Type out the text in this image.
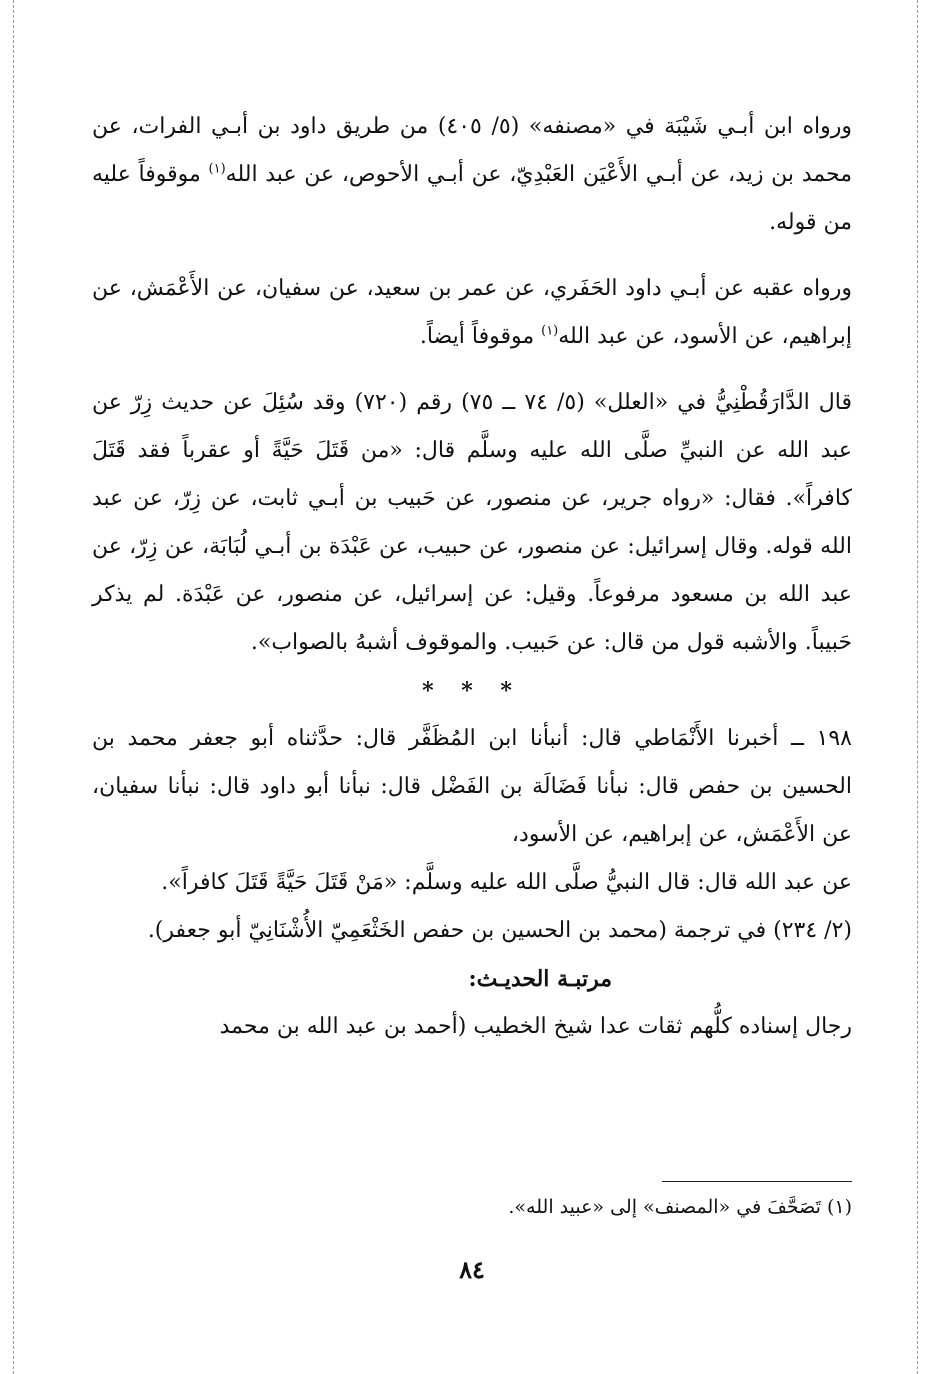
ورواه ابن أبـي شَيْبَة في «مصنفه» (٥/ ٤٠٥) من طريق داود بن أبـي الفرات، عن محمد بن زيد، عن أبـي الأَعْيَن العَبْدِيّ، عن أبـي الأحوص، عن عبد الله$^{(١)}$ موقوفاً عليه من قوله.

ورواه عقبه عن أبـي داود الحَفَري، عن عمر بن سعيد، عن سفيان، عن الأَعْمَش، عن إبراهيم، عن الأسود، عن عبد الله$^{(١)}$ موقوفاً أيضاً.

قال الدَّارَقُطْنِيُّ في «العلل» (٥/ ٧٤ ــ ٧٥) رقم (٧٢٠) وقد سُئِلَ عن حديث زِرّ عن عبد الله عن النبيِّ صلَّى الله عليه وسلَّم قال: «من قَتَلَ حَيَّةً أو عقرباً فقد قَتَلَ كافراً». فقال: «رواه جرير، عن منصور، عن حَبيب بن أبـي ثابت، عن زِرّ، عن عبد الله قوله. وقال إسرائيل: عن منصور، عن حبيب، عن عَبْدَة بن أبـي لُبَابَة، عن زِرّ، عن عبد الله بن مسعود مرفوعاً. وقيل: عن إسرائيل، عن منصور، عن عَبْدَة. لم يذكر حَبيباً. والأشبه قول من قال: عن حَبيب. والموقوف أشبهُ بالصواب».

* * *

١٩٨ ــ أخبرنا الأَنْمَاطي قال: أنبأنا ابن المُظَفَّر قال: حدَّثناه أبو جعفر محمد بن الحسين بن حفص قال: نبأنا فَضَالَة بن الفَضْل قال: نبأنا أبو داود قال: نبأنا سفيان، عن الأَعْمَش، عن إبراهيم، عن الأسود،

عن عبد الله قال: قال النبيُّ صلَّى الله عليه وسلَّم: «مَنْ قَتَلَ حَيَّةً قَتَلَ كافراً».

(٢/ ٢٣٤) في ترجمة (محمد بن الحسين بن حفص الخَثْعَمِيّ الأُشْنَانِيّ أبو جعفر).

مرتبـة الحديـث:

رجال إسناده كلُّهم ثقات عدا شيخ الخطيب (أحمد بن عبد الله بن محمد

(١) تَصَحَّفَ في «المصنف» إلى «عبيد الله».
٨٤
